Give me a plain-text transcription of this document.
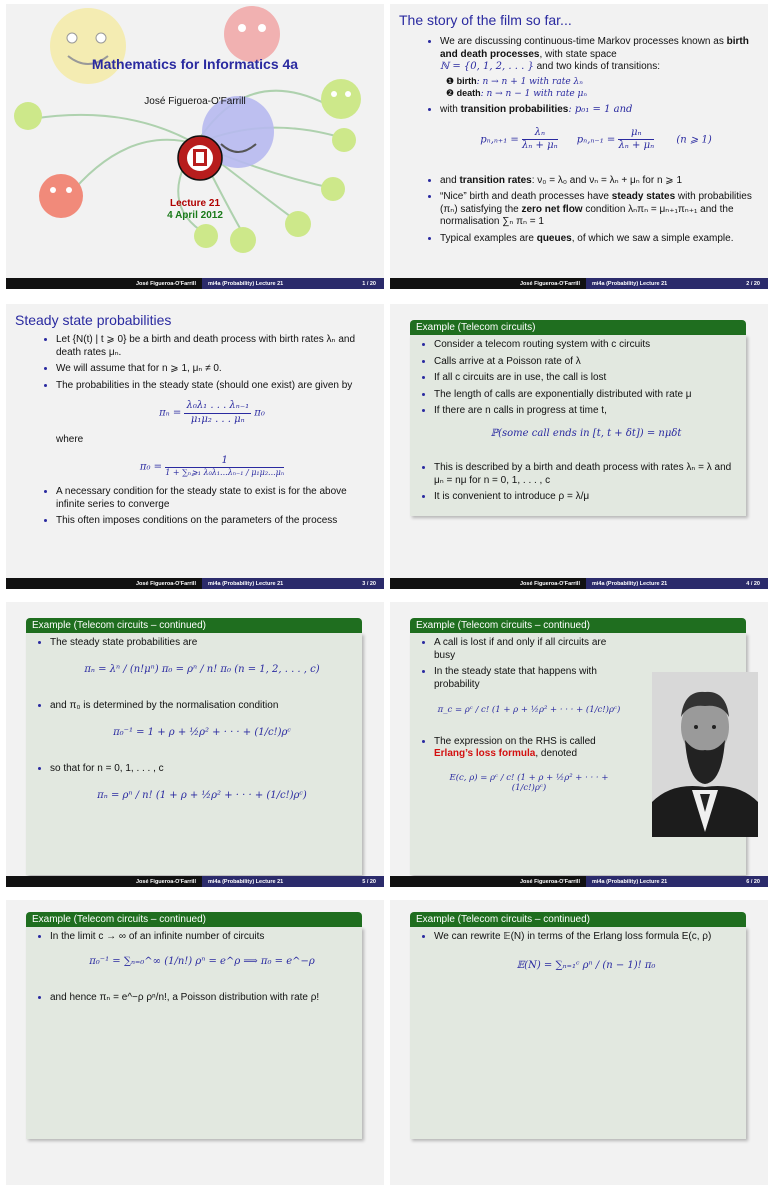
Mathematics for Informatics 4a
José Figueroa-O'Farrill
Lecture 21
4 April 2012
José Figueroa-O'Farrill	mi4a (Probability) Lecture 21	1 / 20
The story of the film so far...
• We are discussing continuous-time Markov processes known as birth and death processes, with state space
ℕ = {0, 1, 2, . . . } and two kinds of transitions:
❶ birth: n → n + 1 with rate λₙ
❷ death: n → n − 1 with rate μₙ
• with transition probabilities: p₀₁ = 1 and
$p_n,_{n+1} = \frac{\text{λₙ}}{\text{λₙ + μₙ}} p_n,_{n-1} = \frac{\text{μₙ}}{\text{λₙ + μₙ}} (n$ ⩾ 1)
• and transition rates: ν₀ = λ₀ and νₙ = λₙ + μₙ for n ⩾ 1
• “Nice” birth and death processes have steady states with probabilities (πₙ) satisfying the zero net flow condition λₙπₙ = μₙ₊₁πₙ₊₁ and the normalisation ∑ₙ πₙ = 1
• Typical examples are queues, of which we saw a simple example.
José Figueroa-O'Farrill	mi4a (Probability) Lecture 21	2 / 20
Steady state probabilities
• Let {N(t) | t ⩾ 0} be a birth and death process with birth rates λₙ and death rates μₙ.
• We will assume that for n ⩾ 1, μₙ ≠ 0.
• The probabilities in the steady state (should one exist) are given by
$\pi_n = \frac{\text{λ₀λ₁ . . . λₙ₋₁}}{\text{μ₁μ₂ . . . μₙ}} \pi_0$
where
$\pi_0 = \frac{1}{\text{1 + ∑ₙ⩾₁ λ₀λ₁...λₙ₋₁ / μ₁μ₂...μₙ}}$
• A necessary condition for the steady state to exist is for the above infinite series to converge
• This often imposes conditions on the parameters of the process
José Figueroa-O'Farrill	mi4a (Probability) Lecture 21	3 / 20
Example (Telecom circuits)
• Consider a telecom routing system with c circuits
• Calls arrive at a Poisson rate of λ
• If all c circuits are in use, the call is lost
• The length of calls are exponentially distributed with rate μ
• If there are n calls in progress at time t,
ℙ(some call ends in [t, t + δt]) = nμδt
• This is described by a birth and death process with rates λₙ = λ and μₙ = nμ for n = 0, 1, . . . , c
• It is convenient to introduce ρ = λ/μ
José Figueroa-O'Farrill	mi4a (Probability) Lecture 21	4 / 20
Example (Telecom circuits – continued)
• The steady state probabilities are
πₙ = λⁿ / (n!μⁿ) π₀ = ρⁿ / n! π₀ (n = 1, 2, . . . , c)
• and π₀ is determined by the normalisation condition
π₀⁻¹ = 1 + ρ + ½ρ² + · · · + (1/c!)ρᶜ
• so that for n = 0, 1, . . . , c
πₙ = ρⁿ / n! (1 + ρ + ½ρ² + · · · + (1/c!)ρᶜ)
José Figueroa-O'Farrill	mi4a (Probability) Lecture 21	5 / 20
Example (Telecom circuits – continued)
• A call is lost if and only if all circuits are busy
• In the steady state that happens with probability
π_c = ρᶜ / c! (1 + ρ + ½ρ² + · · · + (1/c!)ρᶜ)
• The expression on the RHS is called Erlang’s loss formula, denoted
E(c, ρ) = ρᶜ / c! (1 + ρ + ½ρ² + · · · + (1/c!)ρᶜ)
José Figueroa-O'Farrill	mi4a (Probability) Lecture 21	6 / 20
Example (Telecom circuits – continued)
• In the limit c → ∞ of an infinite number of circuits
π₀⁻¹ = ∑ₙ₌₀^∞ (1/n!) ρⁿ = e^ρ ⟹ π₀ = e^−ρ
• and hence πₙ = e^−ρ ρⁿ/n!, a Poisson distribution with rate ρ!
Example (Telecom circuits – continued)
• We can rewrite 𝔼(N) in terms of the Erlang loss formula E(c, ρ)
𝔼(N) = ∑ₙ₌₁ᶜ ρⁿ / (n − 1)! π₀
